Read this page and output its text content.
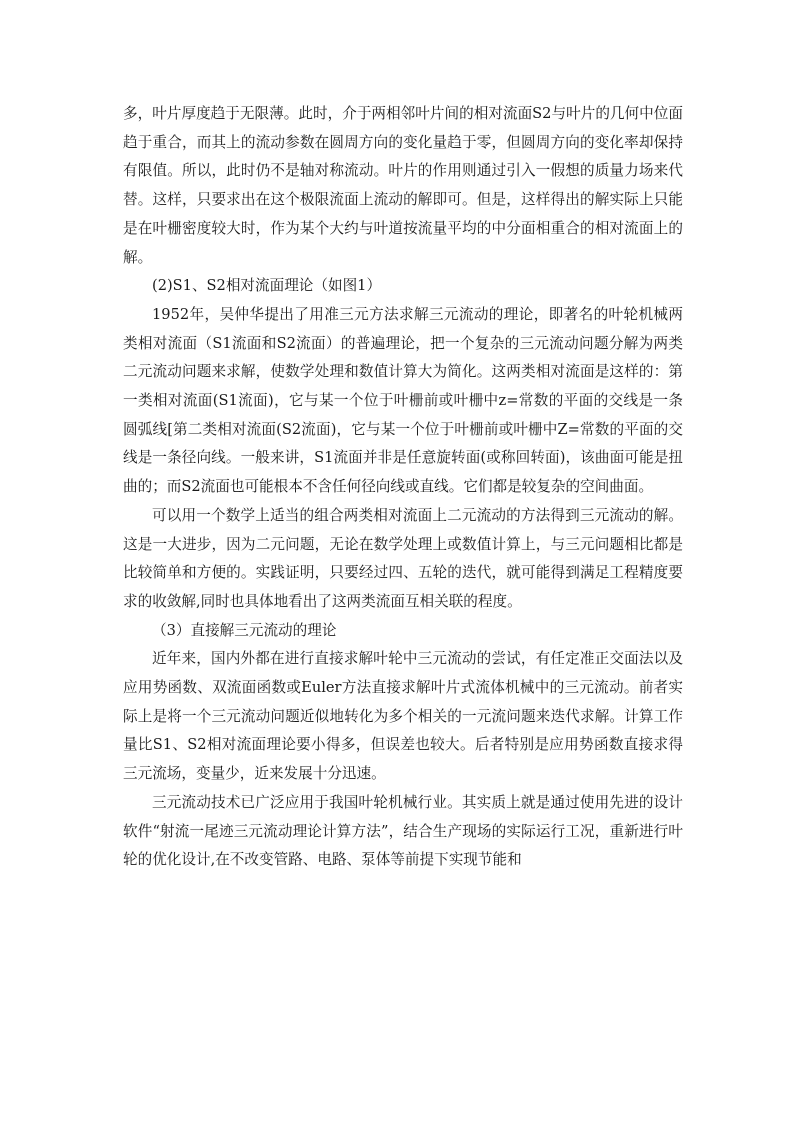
多，叶片厚度趋于无限薄。此时，介于两相邻叶片间的相对流面S2与叶片的几何中位面趋于重合，而其上的流动参数在圆周方向的变化量趋于零，但圆周方向的变化率却保持有限值。所以，此时仍不是轴对称流动。叶片的作用则通过引入一假想的质量力场来代替。这样，只要求出在这个极限流面上流动的解即可。但是，这样得出的解实际上只能是在叶栅密度较大时，作为某个大约与叶道按流量平均的中分面相重合的相对流面上的解。

(2)S1、S2相对流面理论（如图1）

1952年，吴仲华提出了用准三元方法求解三元流动的理论，即著名的叶轮机械两类相对流面（S1流面和S2流面）的普遍理论，把一个复杂的三元流动问题分解为两类二元流动问题来求解，使数学处理和数值计算大为简化。这两类相对流面是这样的：第一类相对流面(S1流面)，它与某一个位于叶栅前或叶栅中z=常数的平面的交线是一条圆弧线[第二类相对流面(S2流面)，它与某一个位于叶栅前或叶栅中Z=常数的平面的交线是一条径向线。一般来讲，S1流面并非是任意旋转面(或称回转面)，该曲面可能是扭曲的；而S2流面也可能根本不含任何径向线或直线。它们都是较复杂的空间曲面。

可以用一个数学上适当的组合两类相对流面上二元流动的方法得到三元流动的解。这是一大进步，因为二元问题，无论在数学处理上或数值计算上，与三元问题相比都是比较简单和方便的。实践证明，只要经过四、五轮的迭代，就可能得到满足工程精度要求的收敛解,同时也具体地看出了这两类流面互相关联的程度。

（3）直接解三元流动的理论

近年来，国内外都在进行直接求解叶轮中三元流动的尝试，有任定准正交面法以及应用势函数、双流面函数或Euler方法直接求解叶片式流体机械中的三元流动。前者实际上是将一个三元流动问题近似地转化为多个相关的一元流问题来迭代求解。计算工作量比S1、S2相对流面理论要小得多，但误差也较大。后者特别是应用势函数直接求得三元流场，变量少，近来发展十分迅速。

三元流动技术已广泛应用于我国叶轮机械行业。其实质上就是通过使用先进的设计软件“射流一尾迹三元流动理论计算方法”，结合生产现场的实际运行工况，重新进行叶轮的优化设计,在不改变管路、电路、泵体等前提下实现节能和
